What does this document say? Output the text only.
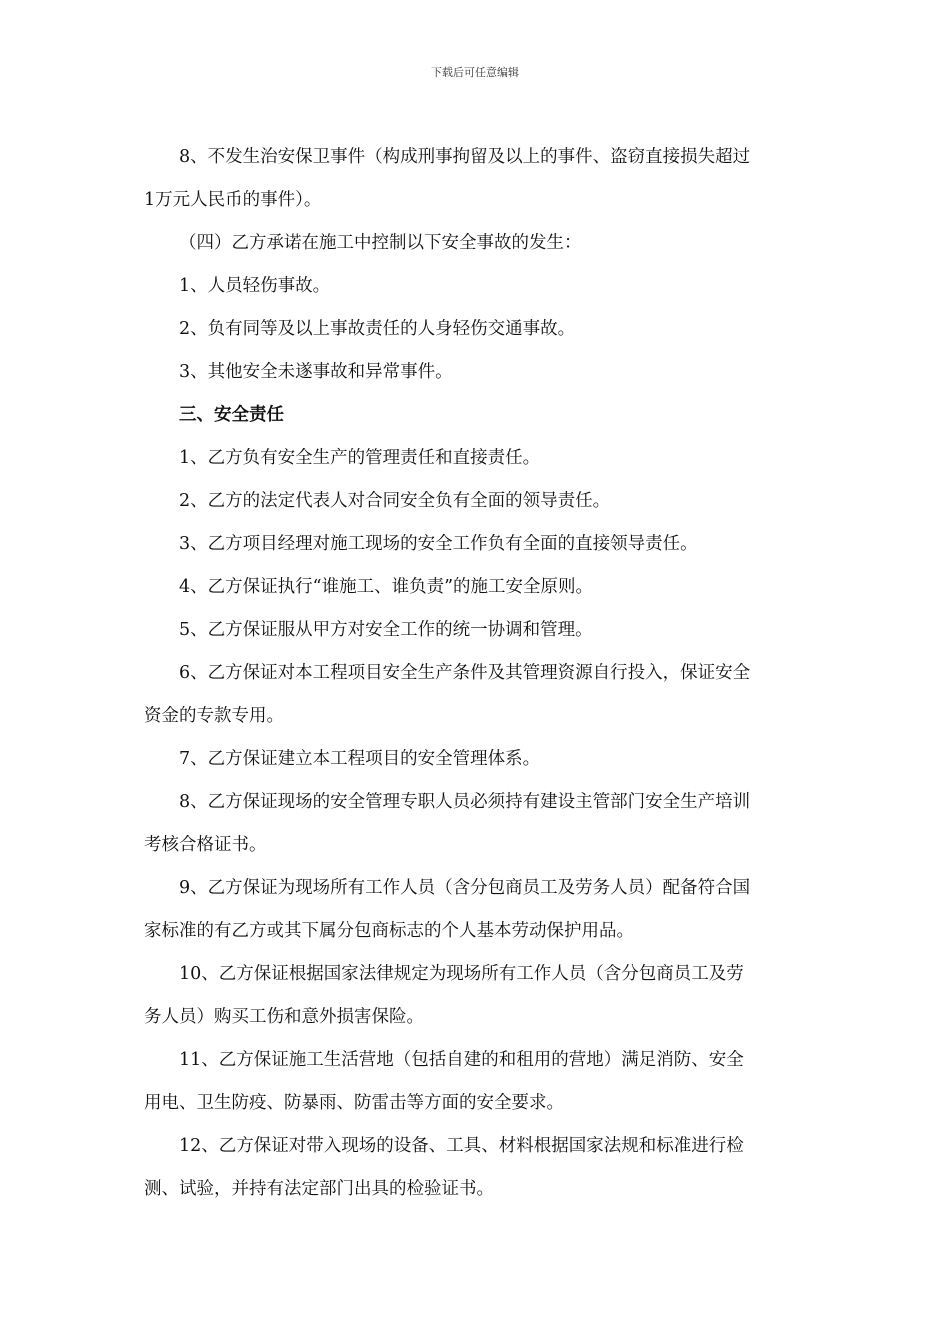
下载后可任意编辑

8、不发生治安保卫事件（构成刑事拘留及以上的事件、盗窃直接损失超过

1万元人民币的事件）。

（四）乙方承诺在施工中控制以下安全事故的发生：

1、人员轻伤事故。

2、负有同等及以上事故责任的人身轻伤交通事故。

3、其他安全未遂事故和异常事件。

三、安全责任

1、乙方负有安全生产的管理责任和直接责任。

2、乙方的法定代表人对合同安全负有全面的领导责任。

3、乙方项目经理对施工现场的安全工作负有全面的直接领导责任。

4、乙方保证执行“谁施工、谁负责”的施工安全原则。

5、乙方保证服从甲方对安全工作的统一协调和管理。

6、乙方保证对本工程项目安全生产条件及其管理资源自行投入，保证安全

资金的专款专用。

7、乙方保证建立本工程项目的安全管理体系。

8、乙方保证现场的安全管理专职人员必须持有建设主管部门安全生产培训

考核合格证书。

9、乙方保证为现场所有工作人员（含分包商员工及劳务人员）配备符合国

家标准的有乙方或其下属分包商标志的个人基本劳动保护用品。

10、乙方保证根据国家法律规定为现场所有工作人员（含分包商员工及劳

务人员）购买工伤和意外损害保险。

11、乙方保证施工生活营地（包括自建的和租用的营地）满足消防、安全

用电、卫生防疫、防暴雨、防雷击等方面的安全要求。

12、乙方保证对带入现场的设备、工具、材料根据国家法规和标准进行检

测、试验，并持有法定部门出具的检验证书。
